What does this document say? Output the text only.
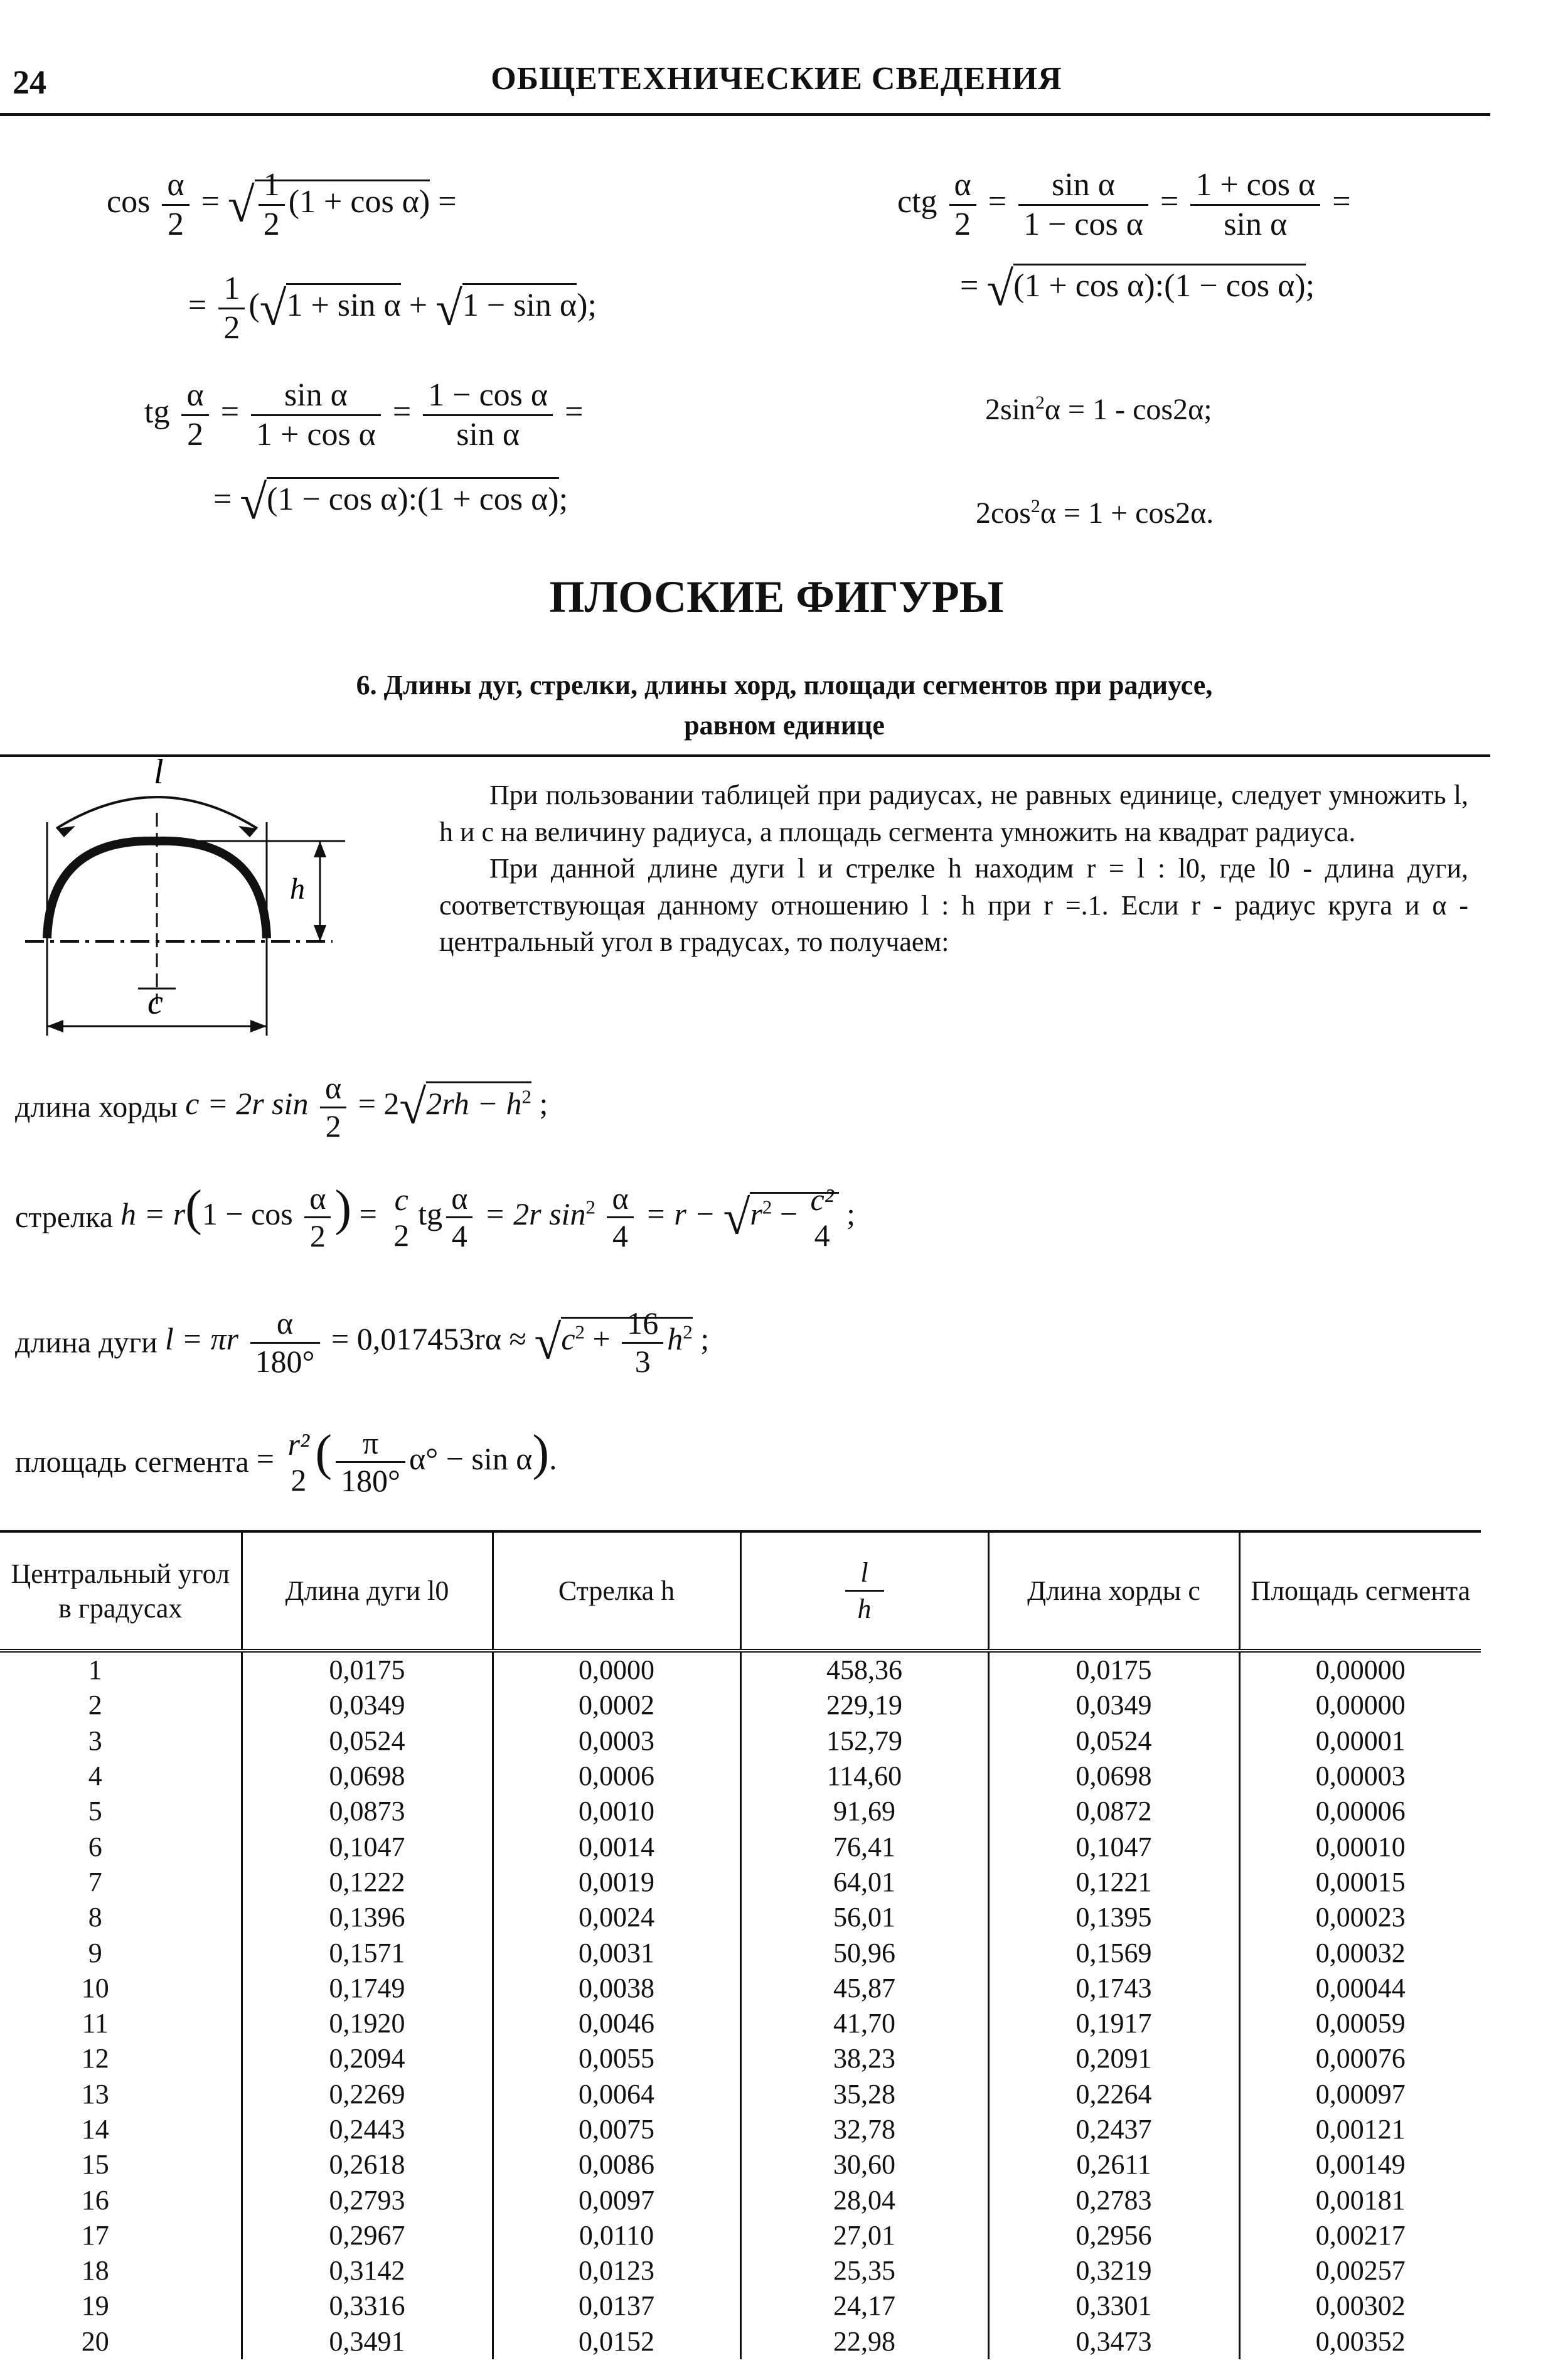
24	ОБЩЕТЕХНИЧЕСКИЕ СВЕДЕНИЯ
$\cos \frac{\alpha}{2}$ = √ $\frac{1}{2} (1 + \cos \alpha)$ =
= $\frac{1}{2} (√1 + \sin \alpha + √1 - \sin \alpha)$;
tg $\frac{\alpha}{2} = \frac{\text{sin α}}{\text{1 + cos α}} = \frac{\text{1 − cos α}}{\text{sin α}}$ =
= √(1 − cos α):(1 + cos α);
ctg $\frac{\alpha}{2} = \frac{\text{sin α}}{\text{1 − cos α}} = \frac{\text{1 + cos α}}{\text{sin α}}$ =
= √(1 + cos α):(1 − cos α);
$2\sin^2\alpha = 1 - \cos 2\alpha$;
$2\cos^2\alpha = 1 + \cos 2\alpha$.
ПЛОСКИЕ ФИГУРЫ
6. Длины дуг, стрелки, длины хорд, площади сегментов при радиусе,
равном единице
l
h
c

При пользовании таблицей при радиусах, не равных единице, следует умножить l, h и c на величину радиуса, а площадь сегмента умножить на квадрат радиуса.

При данной длине дуги l и стрелке h находим r = l : l0, где l0 - длина дуги, соответствующая данному отношению l : h при r =.1. Если r - радиус круга и α - центральный угол в градусах, то получаем:

длина хорды c = 2r $\sin \frac{\alpha}{2} = 2√2rh - h^2$ ;
стрелка $h = r(1 - \cos \frac{\alpha}{2}$ ) = c
2
tg $\frac{\alpha}{4} = 2r$ $\sin^2 \frac{\alpha}{4} = r - √r^2 - c^2$
4
;
длина дуги l = πr $\frac{\alpha}{180^\circ} = 0,017453r\alpha \approx √c^2 + \frac{16}{3} h^2$ ;
площадь сегмента = r²
2 ( $\frac{\pi}{180^\circ} \alpha^\circ - \sin \alpha$).
Центральный угол в градусах	Длина дуги l0	Стрелка h	$\frac{l}{h}$	Длина хорды c	Площадь сегмента
1	0,0175	0,0000	458,36	0,0175	0,00000
2	0,0349	0,0002	229,19	0,0349	0,00000
3	0,0524	0,0003	152,79	0,0524	0,00001
4	0,0698	0,0006	114,60	0,0698	0,00003
5	0,0873	0,0010	91,69	0,0872	0,00006
6	0,1047	0,0014	76,41	0,1047	0,00010
7	0,1222	0,0019	64,01	0,1221	0,00015
8	0,1396	0,0024	56,01	0,1395	0,00023
9	0,1571	0,0031	50,96	0,1569	0,00032
10	0,1749	0,0038	45,87	0,1743	0,00044
11	0,1920	0,0046	41,70	0,1917	0,00059
12	0,2094	0,0055	38,23	0,2091	0,00076
13	0,2269	0,0064	35,28	0,2264	0,00097
14	0,2443	0,0075	32,78	0,2437	0,00121
15	0,2618	0,0086	30,60	0,2611	0,00149
16	0,2793	0,0097	28,04	0,2783	0,00181
17	0,2967	0,0110	27,01	0,2956	0,00217
18	0,3142	0,0123	25,35	0,3219	0,00257
19	0,3316	0,0137	24,17	0,3301	0,00302
20	0,3491	0,0152	22,98	0,3473	0,00352
